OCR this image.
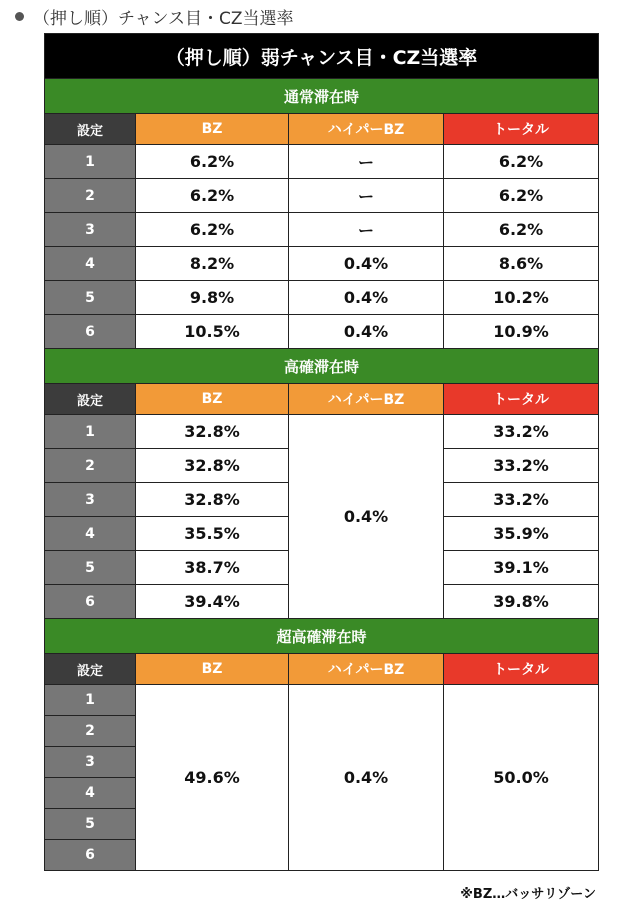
（押し順）チャンス目・CZ当選率
（押し順）弱チャンス目・CZ当選率			
通常滞在時			
設定	BZ	ハイパーBZ	トータル
1	6.2%	ー	6.2%
2	6.2%	ー	6.2%
3	6.2%	ー	6.2%
4	8.2%	0.4%	8.6%
5	9.8%	0.4%	10.2%
6	10.5%	0.4%	10.9%
高確滞在時			
設定	BZ	ハイパーBZ	トータル
1	32.8%	0.4%	33.2%
2	32.8%		33.2%
3	32.8%		33.2%
4	35.5%		35.9%
5	38.7%		39.1%
6	39.4%		39.8%
超高確滞在時			
設定	BZ	ハイパーBZ	トータル
1	49.6%	0.4%	50.0%
2			
3			
4			
5			
6			
※BZ…バッサリゾーン
